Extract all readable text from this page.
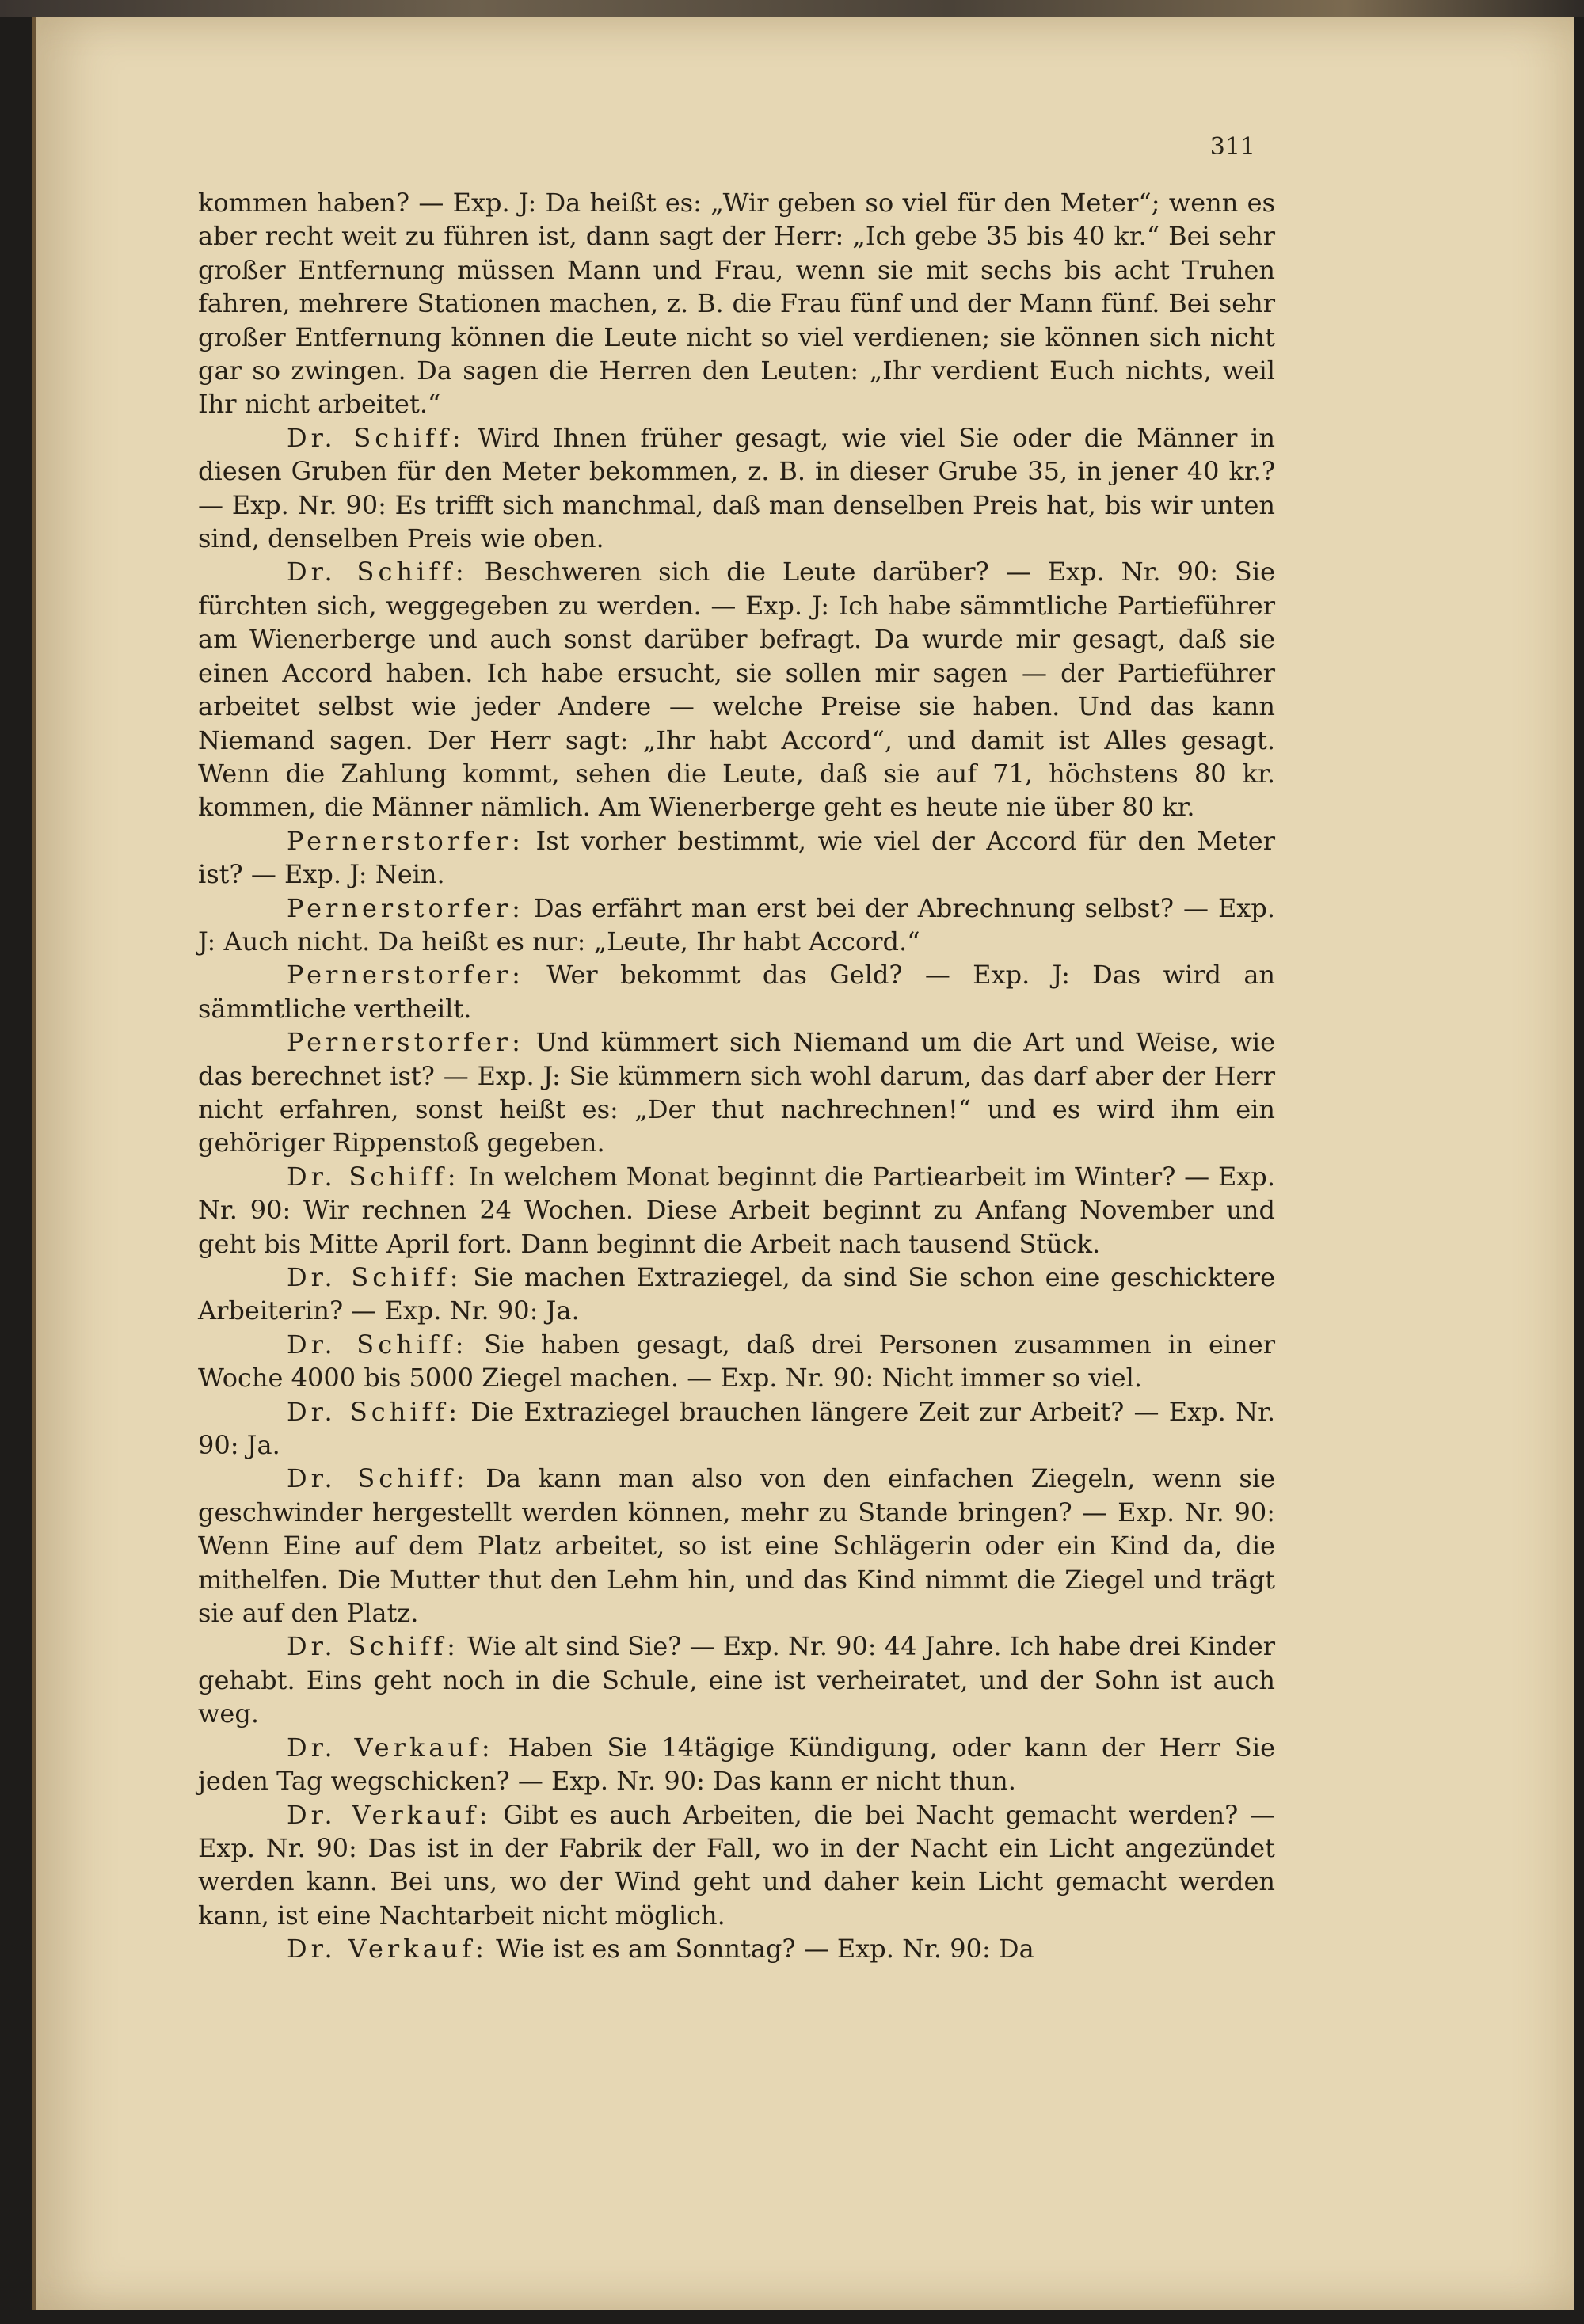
311

kommen haben? — Exp. J: Da heißt es: „Wir geben so viel für den Meter“; wenn es aber recht weit zu führen ist, dann sagt der Herr: „Ich gebe 35 bis 40 kr.“ Bei sehr großer Entfernung müssen Mann und Frau, wenn sie mit sechs bis acht Truhen fahren, mehrere Stationen machen, z. B. die Frau fünf und der Mann fünf. Bei sehr großer Entfernung können die Leute nicht so viel verdienen; sie können sich nicht gar so zwingen. Da sagen die Herren den Leuten: „Ihr verdient Euch nichts, weil Ihr nicht arbeitet.“

Dr. Schiff: Wird Ihnen früher gesagt, wie viel Sie oder die Männer in diesen Gruben für den Meter bekommen, z. B. in dieser Grube 35, in jener 40 kr.? — Exp. Nr. 90: Es trifft sich manchmal, daß man denselben Preis hat, bis wir unten sind, denselben Preis wie oben.

Dr. Schiff: Beschweren sich die Leute darüber? — Exp. Nr. 90: Sie fürchten sich, weggegeben zu werden. — Exp. J: Ich habe sämmtliche Partieführer am Wienerberge und auch sonst darüber befragt. Da wurde mir gesagt, daß sie einen Accord haben. Ich habe ersucht, sie sollen mir sagen — der Partieführer arbeitet selbst wie jeder Andere — welche Preise sie haben. Und das kann Niemand sagen. Der Herr sagt: „Ihr habt Accord“, und damit ist Alles gesagt. Wenn die Zahlung kommt, sehen die Leute, daß sie auf 71, höchstens 80 kr. kommen, die Männer nämlich. Am Wienerberge geht es heute nie über 80 kr.

Pernerstorfer: Ist vorher bestimmt, wie viel der Accord für den Meter ist? — Exp. J: Nein.

Pernerstorfer: Das erfährt man erst bei der Abrechnung selbst? — Exp. J: Auch nicht. Da heißt es nur: „Leute, Ihr habt Accord.“

Pernerstorfer: Wer bekommt das Geld? — Exp. J: Das wird an sämmtliche vertheilt.

Pernerstorfer: Und kümmert sich Niemand um die Art und Weise, wie das berechnet ist? — Exp. J: Sie kümmern sich wohl darum, das darf aber der Herr nicht erfahren, sonst heißt es: „Der thut nachrechnen!“ und es wird ihm ein gehöriger Rippenstoß gegeben.

Dr. Schiff: In welchem Monat beginnt die Partiearbeit im Winter? — Exp. Nr. 90: Wir rechnen 24 Wochen. Diese Arbeit beginnt zu Anfang November und geht bis Mitte April fort. Dann beginnt die Arbeit nach tausend Stück.

Dr. Schiff: Sie machen Extraziegel, da sind Sie schon eine geschicktere Arbeiterin? — Exp. Nr. 90: Ja.

Dr. Schiff: Sie haben gesagt, daß drei Personen zusammen in einer Woche 4000 bis 5000 Ziegel machen. — Exp. Nr. 90: Nicht immer so viel.

Dr. Schiff: Die Extraziegel brauchen längere Zeit zur Arbeit? — Exp. Nr. 90: Ja.

Dr. Schiff: Da kann man also von den einfachen Ziegeln, wenn sie geschwinder hergestellt werden können, mehr zu Stande bringen? — Exp. Nr. 90: Wenn Eine auf dem Platz arbeitet, so ist eine Schlägerin oder ein Kind da, die mithelfen. Die Mutter thut den Lehm hin, und das Kind nimmt die Ziegel und trägt sie auf den Platz.

Dr. Schiff: Wie alt sind Sie? — Exp. Nr. 90: 44 Jahre. Ich habe drei Kinder gehabt. Eins geht noch in die Schule, eine ist verheiratet, und der Sohn ist auch weg.

Dr. Verkauf: Haben Sie 14tägige Kündigung, oder kann der Herr Sie jeden Tag wegschicken? — Exp. Nr. 90: Das kann er nicht thun.

Dr. Verkauf: Gibt es auch Arbeiten, die bei Nacht gemacht werden? — Exp. Nr. 90: Das ist in der Fabrik der Fall, wo in der Nacht ein Licht angezündet werden kann. Bei uns, wo der Wind geht und daher kein Licht gemacht werden kann, ist eine Nachtarbeit nicht möglich.

Dr. Verkauf: Wie ist es am Sonntag? — Exp. Nr. 90: Da
